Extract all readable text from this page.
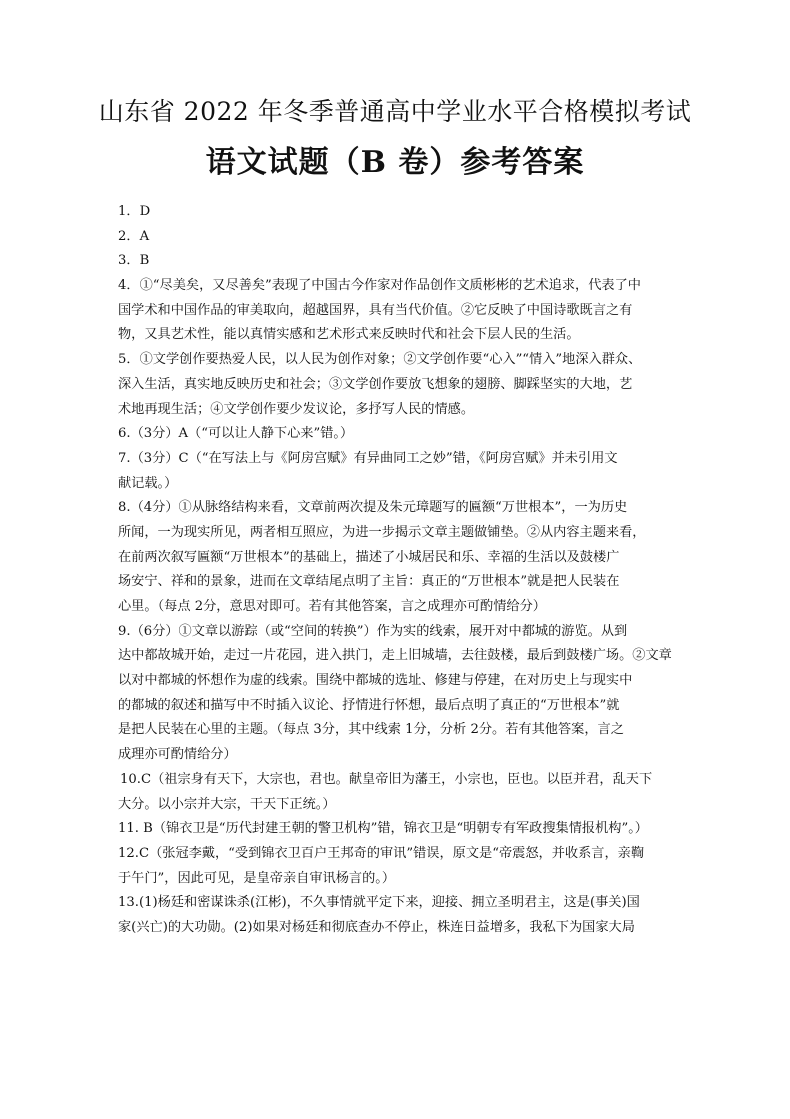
山东省 2022 年冬季普通高中学业水平合格模拟考试
语文试题（B 卷）参考答案
1．D
2．A
3．B
4．①“尽美矣，又尽善矣”表现了中国古今作家对作品创作文质彬彬的艺术追求，代表了中
国学术和中国作品的审美取向，超越国界，具有当代价值。②它反映了中国诗歌既言之有
物，又具艺术性，能以真情实感和艺术形式来反映时代和社会下层人民的生活。
5．①文学创作要热爱人民，以人民为创作对象；②文学创作要“心入”“情入”地深入群众、
深入生活，真实地反映历史和社会；③文学创作要放飞想象的翅膀、脚踩坚实的大地，艺
术地再现生活；④文学创作要少发议论，多抒写人民的情感。
6.（3分）A（“可以让人静下心来”错。）
7.（3分）C（“在写法上与《阿房宫赋》有异曲同工之妙”错，《阿房宫赋》并未引用文
献记载。）
8.（4分）①从脉络结构来看，文章前两次提及朱元璋题写的匾额“万世根本”，一为历史
所闻，一为现实所见，两者相互照应，为进一步揭示文章主题做铺垫。②从内容主题来看，
在前两次叙写匾额“万世根本”的基础上，描述了小城居民和乐、幸福的生活以及鼓楼广
场安宁、祥和的景象，进而在文章结尾点明了主旨：真正的“万世根本”就是把人民装在
心里。（每点 2分，意思对即可。若有其他答案，言之成理亦可酌情给分）
9.（6分）①文章以游踪（或“空间的转换”）作为实的线索，展开对中都城的游览。从到
达中都故城开始，走过一片花园，进入拱门，走上旧城墙，去往鼓楼，最后到鼓楼广场。②文章
以对中都城的怀想作为虚的线索。围绕中都城的选址、修建与停建，在对历史上与现实中
的都城的叙述和描写中不时插入议论、抒情进行怀想，最后点明了真正的“万世根本”就
是把人民装在心里的主题。（每点 3分，其中线索 1分，分析 2分。若有其他答案，言之
成理亦可酌情给分）
10.C（祖宗身有天下，大宗也，君也。献皇帝旧为藩王，小宗也，臣也。以臣并君，乱天下
大分。以小宗并大宗，干天下正统。）
11. B（锦衣卫是“历代封建王朝的警卫机构”错，锦衣卫是“明朝专有军政搜集情报机构”。）
12.C（张冠李戴，“受到锦衣卫百户王邦奇的审讯”错误，原文是“帝震怒，并收系言，亲鞫
于午门”，因此可见，是皇帝亲自审讯杨言的。）
13.(1)杨廷和密谋诛杀(江彬)，不久事情就平定下来，迎接、拥立圣明君主，这是(事关)国
家(兴亡)的大功勋。(2)如果对杨廷和彻底查办不停止，株连日益增多，我私下为国家大局
